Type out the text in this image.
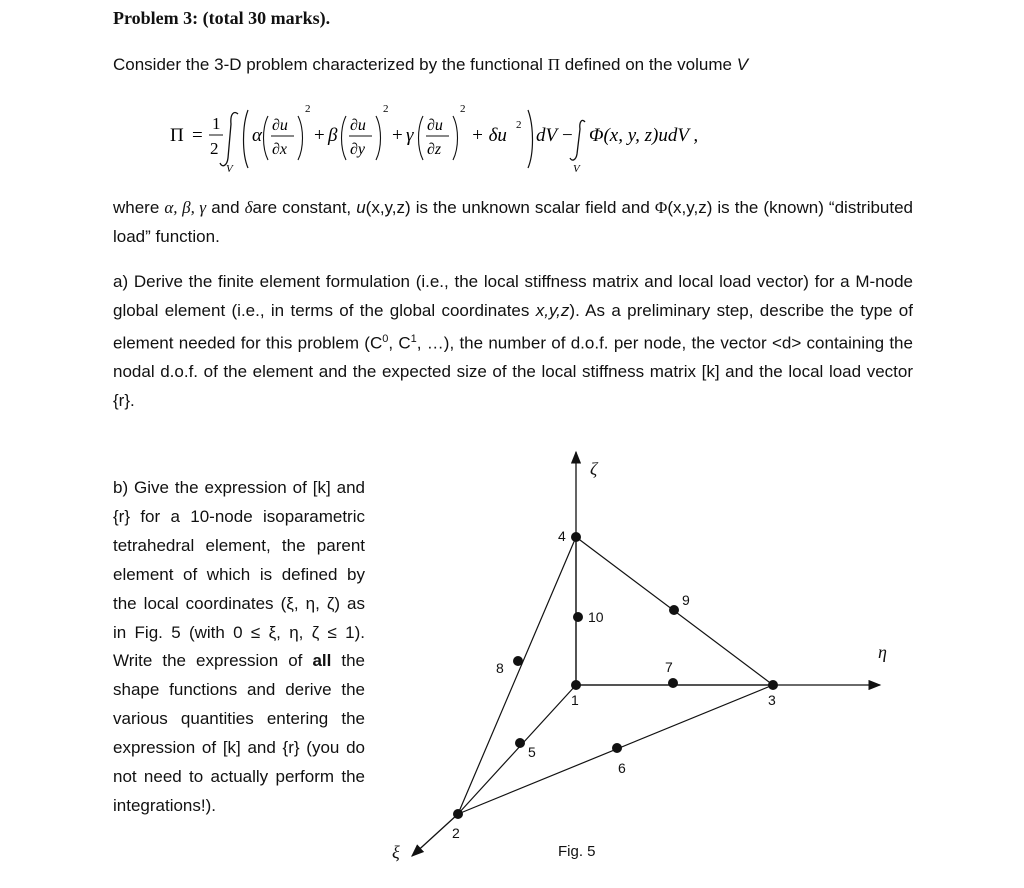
Problem 3: (total 30 marks).
Consider the 3-D problem characterized by the functional Π defined on the volume V
Π =
1
2
V
α ∂u
∂x
2
+ β ∂u
∂y
2
+ γ ∂u
∂z
2
+ δu 2 dV −
V
Φ(x, y, z)udV ,
where α, β, γ and δare constant, u(x,y,z) is the unknown scalar field and Φ(x,y,z) is the (known) “distributed load” function.
a) Derive the finite element formulation (i.e., the local stiffness matrix and local load vector) for a M-node global element (i.e., in terms of the global coordinates x,y,z). As a preliminary step, describe the type of element needed for this problem ($C^0$, $C^1$, …), the number of d.o.f. per node, the vector <d> containing the nodal d.o.f. of the element and the expected size of the local stiffness matrix [k] and the local load vector {r}.
b) Give the expression of [k] and {r} for a 10-node isoparametric tetrahedral element, the parent element of which is defined by the local coordinates (ξ, η, ζ) as in Fig. 5 (with 0 ≤ ξ, η, ζ ≤ 1). Write the expression of all the shape functions and derive the various quantities entering the expression of [k] and {r} (you do not need to actually perform the integrations!).
1
2
3
4
5
6
7
8
9
10
ζ
η
ξ	Fig. 5
